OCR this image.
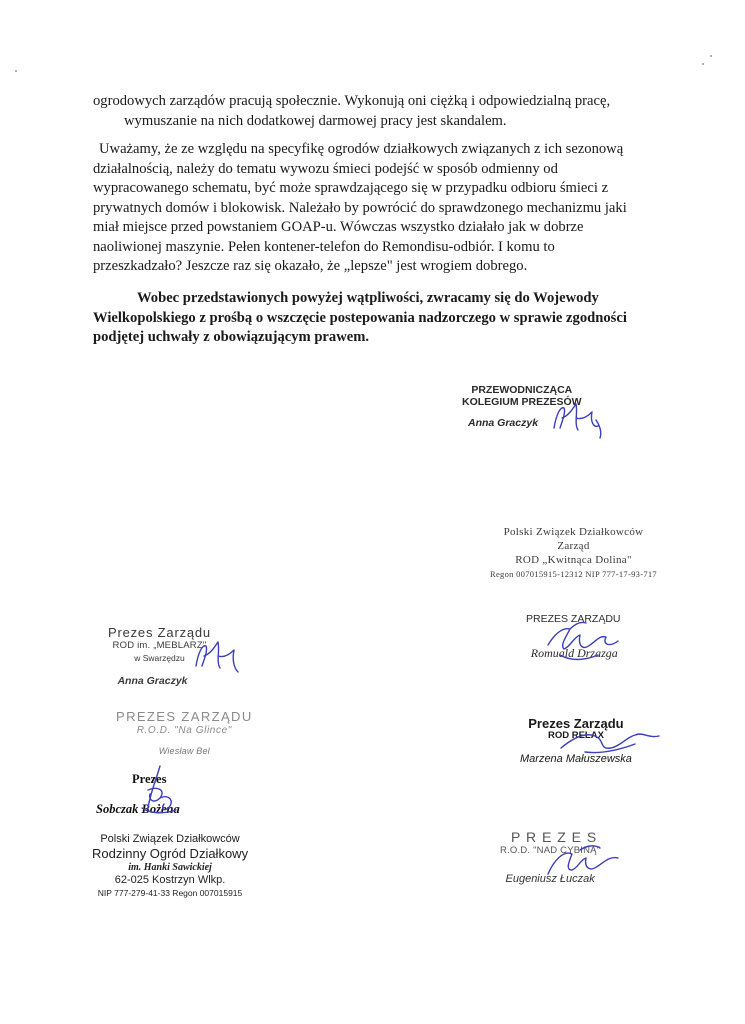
ogrodowych zarządów pracują społecznie. Wykonują oni ciężką i odpowiedzialną pracę,
wymuszanie na nich dodatkowej darmowej pracy jest skandalem.
Uważamy, że ze względu na specyfikę ogrodów działkowych związanych z ich sezonową
działalnością, należy do tematu wywozu śmieci podejść w sposób odmienny od
wypracowanego schematu, być może sprawdzającego się w przypadku odbioru śmieci z
prywatnych domów i blokowisk. Należało by powrócić do sprawdzonego mechanizmu jaki
miał miejsce przed powstaniem GOAP-u. Wówczas wszystko działało jak w dobrze
naoliwionej maszynie. Pełen kontener-telefon do Remondisu-odbiór. I komu to
przeszkadzało? Jeszcze raz się okazało, że „lepsze" jest wrogiem dobrego.
Wobec przedstawionych powyżej wątpliwości, zwracamy się do Wojewody
Wielkopolskiego z prośbą o wszczęcie postepowania nadzorczego w sprawie zgodności
podjętej uchwały z obowiązującym prawem.
PRZEWODNICZĄCA
KOLEGIUM PREZESÓW
Anna Graczyk
Polski Związek Działkowców
Zarząd
ROD „Kwitnąca Dolina"
Regon 007015915-12312 NIP 777-17-93-717
PREZES ZARZĄDU
Romuald Drzazga
Prezes Zarządu
ROD im. „MEBLARZ"
w Swarzędzu
Anna Graczyk
Prezes Zarządu
ROD RELAX
Marzena Małuszewska
PREZES ZARZĄDU
R.O.D. "Na Glince"
Wiesław Bel
Prezes
Sobczak Bożena
Polski Związek Działkowców
Rodzinny Ogród Działkowy
im. Hanki Sawickiej
62-025 Kostrzyn Wlkp.
NIP 777-279-41-33 Regon 007015915
P R E Z E S
R.O.D. "NAD CYBINĄ"
Eugeniusz Łuczak
